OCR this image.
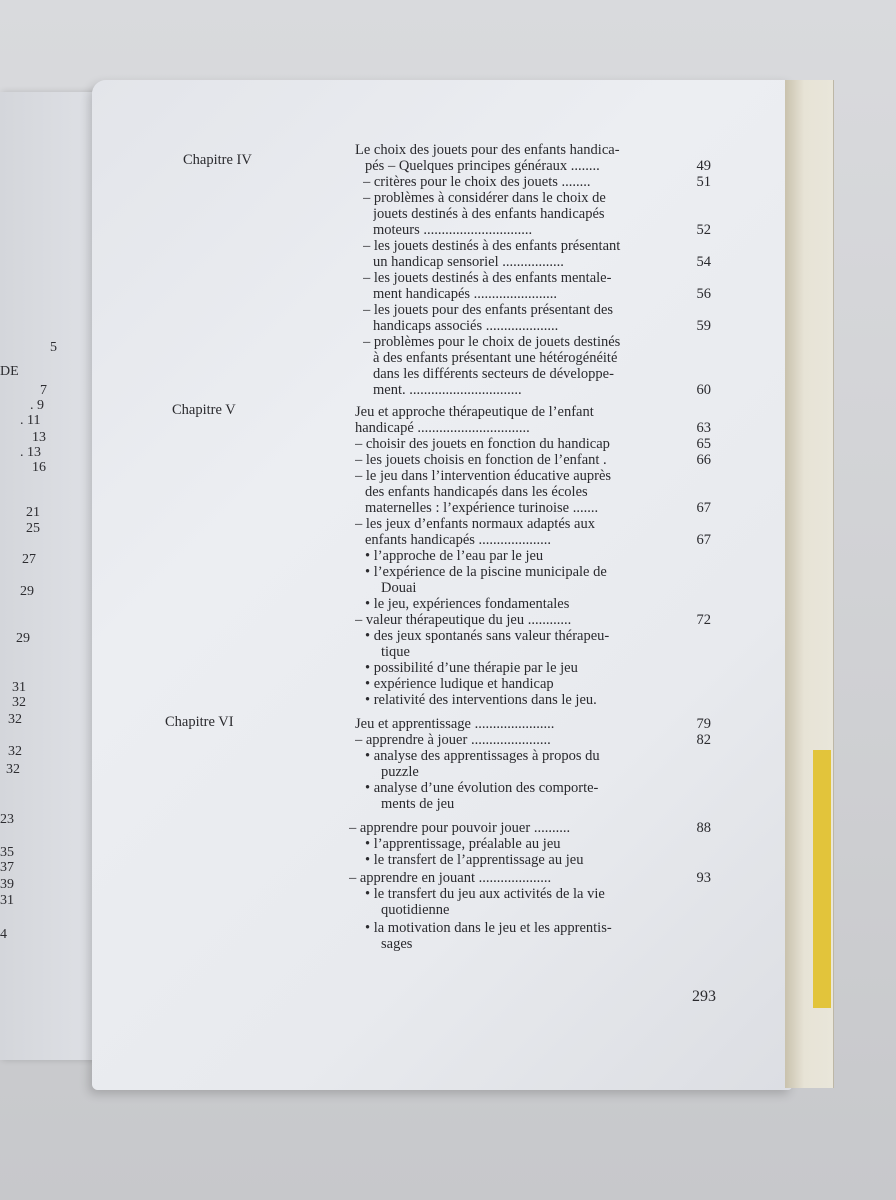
5
DE
7
. 9
. 11
13
. 13
16
21
25
27
29
29
31
32
32
32
32
23
35
37
39
31
4
Chapitre IV
Chapitre V
Chapitre VI
Le choix des jouets pour des enfants handica-
pés – Quelques principes généraux ........	49
– critères pour le choix des jouets ........	51
– problèmes à considérer dans le choix de
jouets destinés à des enfants handicapés
moteurs ..............................	52
– les jouets destinés à des enfants présentant
un handicap sensoriel .................	54
– les jouets destinés à des enfants mentale-
ment handicapés .......................	56
– les jouets pour des enfants présentant des
handicaps associés ....................	59
– problèmes pour le choix de jouets destinés
à des enfants présentant une hétérogénéité
dans les différents secteurs de développe-
ment. ...............................	60
Jeu et approche thérapeutique de l’enfant
handicapé ...............................	63
– choisir des jouets en fonction du handicap	65
– les jouets choisis en fonction de l’enfant .	66
– le jeu dans l’intervention éducative auprès
des enfants handicapés dans les écoles
maternelles : l’expérience turinoise .......	67
– les jeux d’enfants normaux adaptés aux
enfants handicapés ....................	67
• l’approche de l’eau par le jeu
• l’expérience de la piscine municipale de
Douai
• le jeu, expériences fondamentales
– valeur thérapeutique du jeu ............	72
• des jeux spontanés sans valeur thérapeu-
tique
• possibilité d’une thérapie par le jeu
• expérience ludique et handicap
• relativité des interventions dans le jeu.
Jeu et apprentissage ......................	79
– apprendre à jouer ......................	82
• analyse des apprentissages à propos du
puzzle
• analyse d’une évolution des comporte-
ments de jeu
– apprendre pour pouvoir jouer ..........	88
• l’apprentissage, préalable au jeu
• le transfert de l’apprentissage au jeu
– apprendre en jouant ....................	93
• le transfert du jeu aux activités de la vie
quotidienne
• la motivation dans le jeu et les apprentis-
sages
293
